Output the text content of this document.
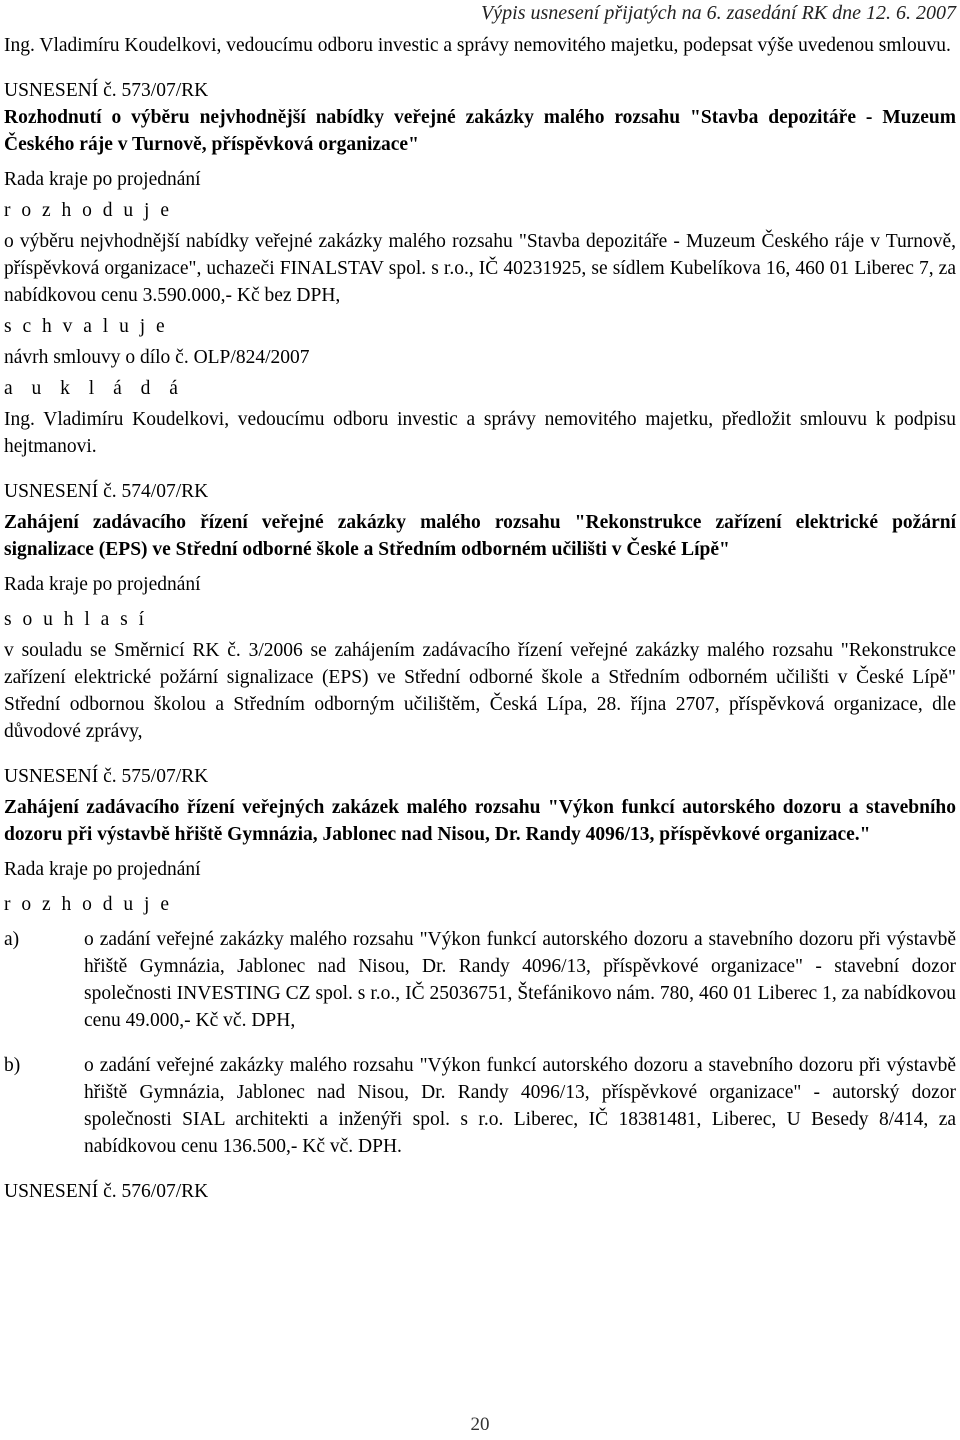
Výpis usnesení přijatých na 6. zasedání RK dne 12. 6. 2007

Ing. Vladimíru Koudelkovi, vedoucímu odboru investic a správy nemovitého majetku, podepsat výše uvedenou smlouvu.

USNESENÍ č. 573/07/RK

Rozhodnutí o výběru nejvhodnější nabídky veřejné zakázky malého rozsahu "Stavba depozitáře - Muzeum Českého ráje v Turnově, příspěvková organizace"

Rada kraje po projednání

r o z h o d u j e

o výběru nejvhodnější nabídky veřejné zakázky malého rozsahu "Stavba depozitáře - Muzeum Českého ráje v Turnově, příspěvková organizace", uchazeči FINALSTAV spol. s r.o., IČ 40231925, se sídlem Kubelíkova 16, 460 01 Liberec 7, za nabídkovou cenu 3.590.000,- Kč bez DPH,

s c h v a l u j e

návrh smlouvy o dílo č. OLP/824/2007

a u k l á d á

Ing. Vladimíru Koudelkovi, vedoucímu odboru investic a správy nemovitého majetku, předložit smlouvu k podpisu hejtmanovi.

USNESENÍ č. 574/07/RK

Zahájení zadávacího řízení veřejné zakázky malého rozsahu "Rekonstrukce zařízení elektrické požární signalizace (EPS) ve Střední odborné škole a Středním odborném učilišti v České Lípě"

Rada kraje po projednání

s o u h l a s í

v souladu se Směrnicí RK č. 3/2006 se zahájením zadávacího řízení veřejné zakázky malého rozsahu "Rekonstrukce zařízení elektrické požární signalizace (EPS) ve Střední odborné škole a Středním odborném učilišti v České Lípě" Střední odbornou školou a Středním odborným učilištěm, Česká Lípa, 28. října 2707, příspěvková organizace, dle důvodové zprávy,

USNESENÍ č. 575/07/RK

Zahájení zadávacího řízení veřejných zakázek malého rozsahu "Výkon funkcí autorského dozoru a stavebního dozoru při výstavbě hřiště Gymnázia, Jablonec nad Nisou, Dr. Randy 4096/13, příspěvkové organizace."

Rada kraje po projednání

r o z h o d u j e

a)	o zadání veřejné zakázky malého rozsahu "Výkon funkcí autorského dozoru a stavebního dozoru při výstavbě hřiště Gymnázia, Jablonec nad Nisou, Dr. Randy 4096/13, příspěvkové organizace" - stavební dozor společnosti INVESTING CZ spol. s r.o., IČ 25036751, Štefánikovo nám. 780, 460 01 Liberec 1, za nabídkovou cenu 49.000,- Kč vč. DPH,
b)	o zadání veřejné zakázky malého rozsahu "Výkon funkcí autorského dozoru a stavebního dozoru při výstavbě hřiště Gymnázia, Jablonec nad Nisou, Dr. Randy 4096/13, příspěvkové organizace" - autorský dozor společnosti SIAL architekti a inženýři spol. s r.o. Liberec, IČ 18381481, Liberec, U Besedy 8/414, za nabídkovou cenu 136.500,- Kč vč. DPH.

USNESENÍ č. 576/07/RK

20
